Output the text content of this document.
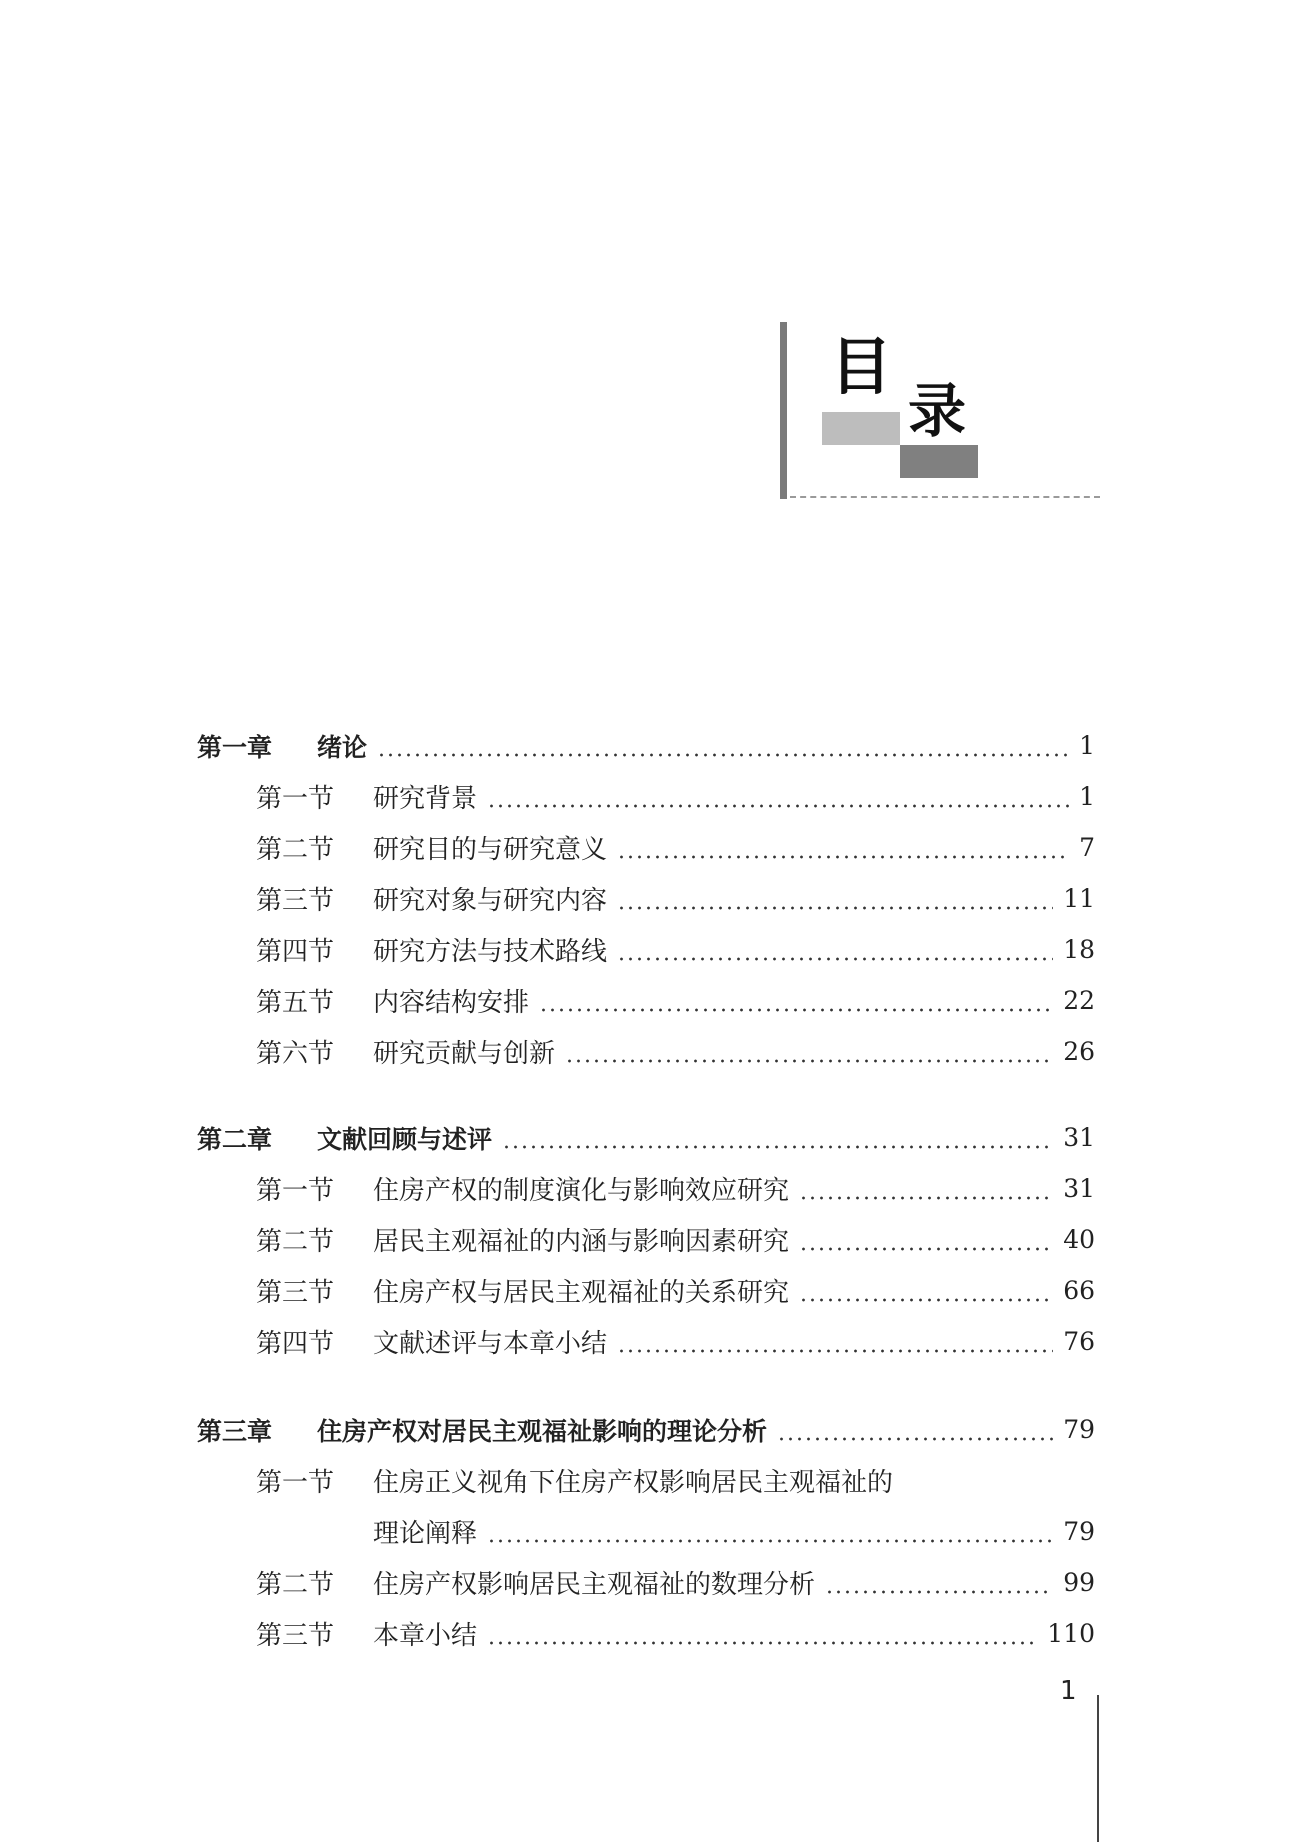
目
录
第一章	绪论	1
第一节	研究背景	1
第二节	研究目的与研究意义	7
第三节	研究对象与研究内容	11
第四节	研究方法与技术路线	18
第五节	内容结构安排	22
第六节	研究贡献与创新	26
第二章	文献回顾与述评	31
第一节	住房产权的制度演化与影响效应研究	31
第二节	居民主观福祉的内涵与影响因素研究	40
第三节	住房产权与居民主观福祉的关系研究	66
第四节	文献述评与本章小结	76
第三章	住房产权对居民主观福祉影响的理论分析	79
第一节	住房正义视角下住房产权影响居民主观福祉的
理论阐释	79
第二节	住房产权影响居民主观福祉的数理分析	99
第三节	本章小结	110
1
